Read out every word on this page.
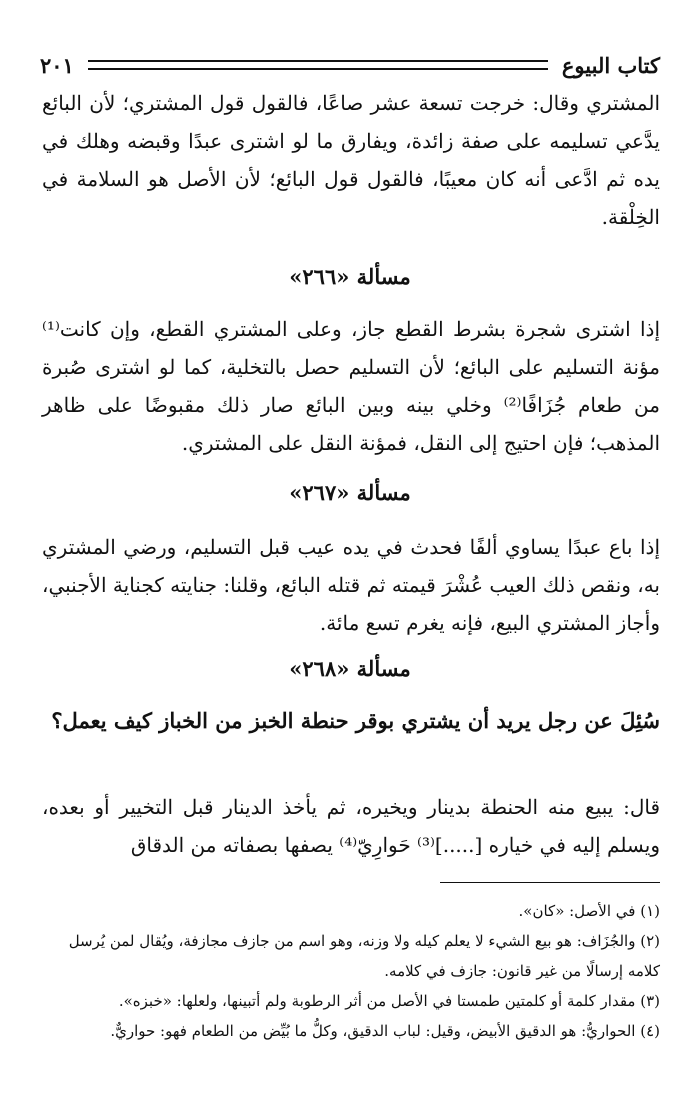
كتاب البيوع
٢٠١

المشتري وقال: خرجت تسعة عشر صاعًا، فالقول قول المشتري؛ لأن البائع يدَّعي تسليمه على صفة زائدة، ويفارق ما لو اشترى عبدًا وقبضه وهلك في يده ثم ادَّعى أنه كان معيبًا، فالقول قول البائع؛ لأن الأصل هو السلامة في الخِلْقة.

مسألة «٢٦٦»

إذا اشترى شجرة بشرط القطع جاز، وعلى المشتري القطع، وإن كانت⁽¹⁾ مؤنة التسليم على البائع؛ لأن التسليم حصل بالتخلية، كما لو اشترى صُبرة من طعام جُزَافًا⁽²⁾ وخلي بينه وبين البائع صار ذلك مقبوضًا على ظاهر المذهب؛ فإن احتيج إلى النقل، فمؤنة النقل على المشتري.

مسألة «٢٦٧»

إذا باع عبدًا يساوي ألفًا فحدث في يده عيب قبل التسليم، ورضي المشتري به، ونقص ذلك العيب عُشْرَ قيمته ثم قتله البائع، وقلنا: جنايته كجناية الأجنبي، وأجاز المشتري البيع، فإنه يغرم تسع مائة.

مسألة «٢٦٨»

سُئِلَ عن رجل يريد أن يشتري بوقر حنطة الخبز من الخباز كيف يعمل؟

قال: يبيع منه الحنطة بدينار ويخيره، ثم يأخذ الدينار قبل التخيير أو بعده، ويسلم إليه في خياره [.....]⁽³⁾ حَوارِيّ⁽⁴⁾ يصفها بصفاته من الدقاق

(١) في الأصل: «كان».

(٢) والجُزَاف: هو بيع الشيء لا يعلم كيله ولا وزنه، وهو اسم من جازف مجازفة، ويُقال لمن يُرسل كلامه إرسالًا من غير قانون: جازف في كلامه.

(٣) مقدار كلمة أو كلمتين طمستا في الأصل من أثر الرطوبة ولم أتبينها، ولعلها: «خبزه».

(٤) الحواريُّ: هو الدقيق الأبيض، وقيل: لباب الدقيق، وكلُّ ما بُيِّض من الطعام فهو: حواريٌّ.
